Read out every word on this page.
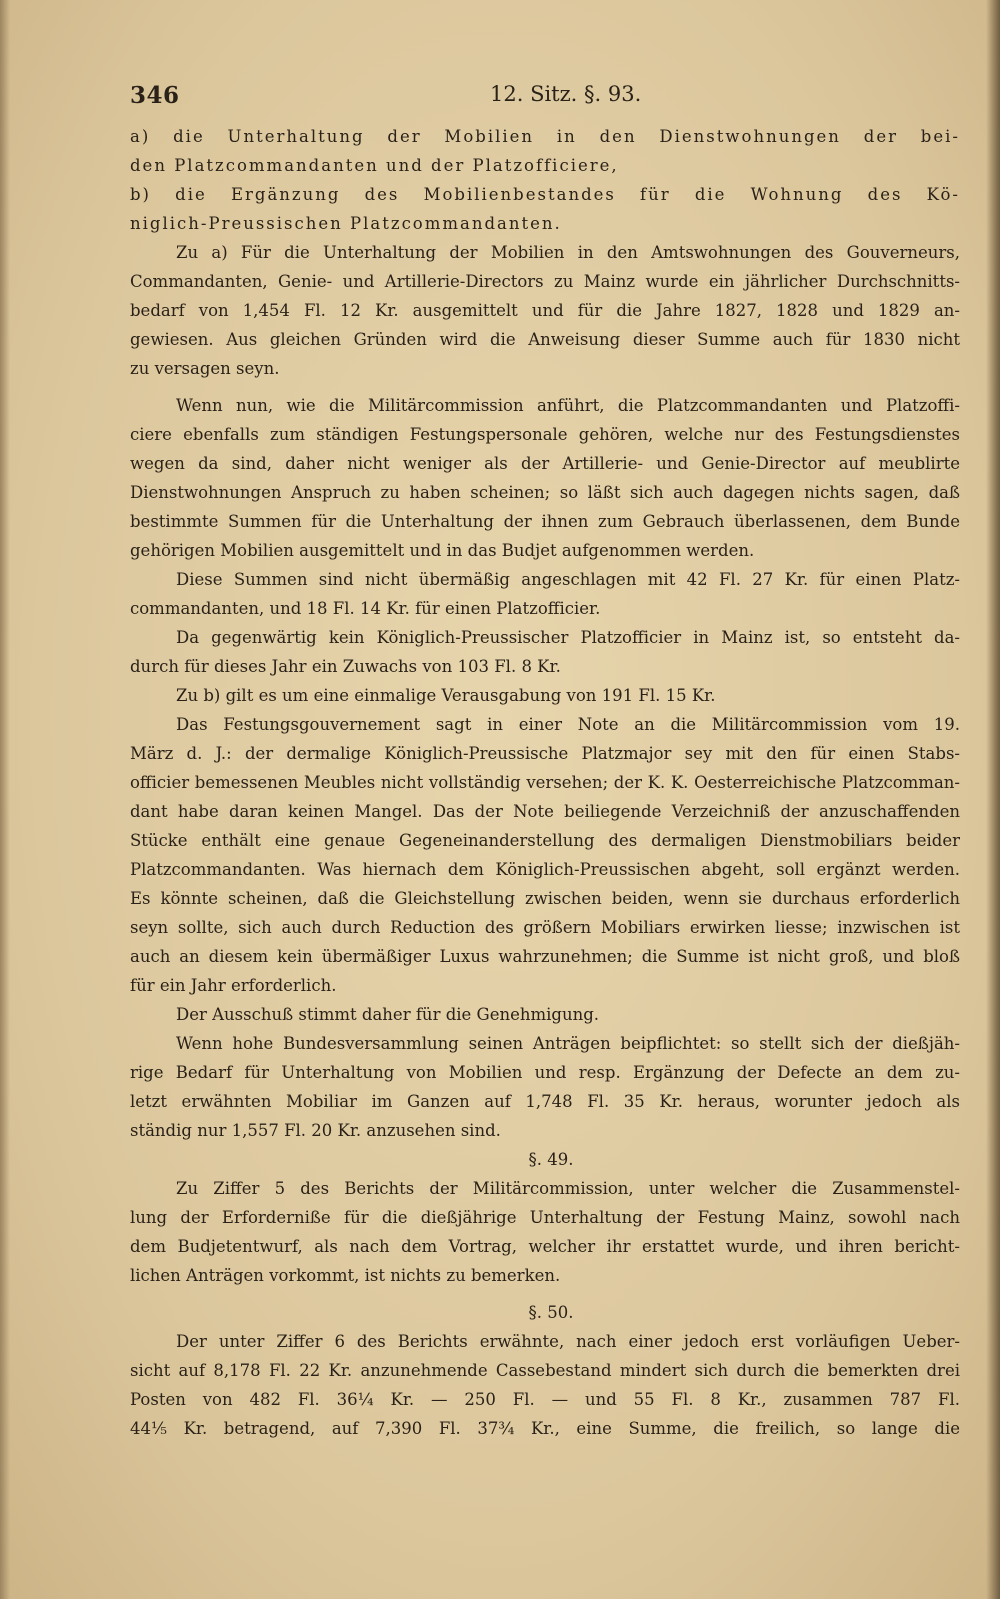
346	12. Sitz. §. 93.
a) die Unterhaltung der Mobilien in den Dienstwohnungen der bei-
den Platzcommandanten und der Platzofficiere,
b) die Ergänzung des Mobilienbestandes für die Wohnung des Kö-
niglich-Preussischen Platzcommandanten.
Zu a) Für die Unterhaltung der Mobilien in den Amtswohnungen des Gouverneurs,
Commandanten, Genie- und Artillerie-Directors zu Mainz wurde ein jährlicher Durchschnitts-
bedarf von 1,454 Fl. 12 Kr. ausgemittelt und für die Jahre 1827, 1828 und 1829 an-
gewiesen. Aus gleichen Gründen wird die Anweisung dieser Summe auch für 1830 nicht
zu versagen seyn.
Wenn nun, wie die Militärcommission anführt, die Platzcommandanten und Platzoffi-
ciere ebenfalls zum ständigen Festungspersonale gehören, welche nur des Festungsdienstes
wegen da sind, daher nicht weniger als der Artillerie- und Genie-Director auf meublirte
Dienstwohnungen Anspruch zu haben scheinen; so läßt sich auch dagegen nichts sagen, daß
bestimmte Summen für die Unterhaltung der ihnen zum Gebrauch überlassenen, dem Bunde
gehörigen Mobilien ausgemittelt und in das Budjet aufgenommen werden.
Diese Summen sind nicht übermäßig angeschlagen mit 42 Fl. 27 Kr. für einen Platz-
commandanten, und 18 Fl. 14 Kr. für einen Platzofficier.
Da gegenwärtig kein Königlich-Preussischer Platzofficier in Mainz ist, so entsteht da-
durch für dieses Jahr ein Zuwachs von 103 Fl. 8 Kr.
Zu b) gilt es um eine einmalige Verausgabung von 191 Fl. 15 Kr.
Das Festungsgouvernement sagt in einer Note an die Militärcommission vom 19.
März d. J.: der dermalige Königlich-Preussische Platzmajor sey mit den für einen Stabs-
officier bemessenen Meubles nicht vollständig versehen; der K. K. Oesterreichische Platzcomman-
dant habe daran keinen Mangel. Das der Note beiliegende Verzeichniß der anzuschaffenden
Stücke enthält eine genaue Gegeneinanderstellung des dermaligen Dienstmobiliars beider
Platzcommandanten. Was hiernach dem Königlich-Preussischen abgeht, soll ergänzt werden.
Es könnte scheinen, daß die Gleichstellung zwischen beiden, wenn sie durchaus erforderlich
seyn sollte, sich auch durch Reduction des größern Mobiliars erwirken liesse; inzwischen ist
auch an diesem kein übermäßiger Luxus wahrzunehmen; die Summe ist nicht groß, und bloß
für ein Jahr erforderlich.
Der Ausschuß stimmt daher für die Genehmigung.
Wenn hohe Bundesversammlung seinen Anträgen beipflichtet: so stellt sich der dießjäh-
rige Bedarf für Unterhaltung von Mobilien und resp. Ergänzung der Defecte an dem zu-
letzt erwähnten Mobiliar im Ganzen auf 1,748 Fl. 35 Kr. heraus, worunter jedoch als
ständig nur 1,557 Fl. 20 Kr. anzusehen sind.
§. 49.
Zu Ziffer 5 des Berichts der Militärcommission, unter welcher die Zusammenstel-
lung der Erforderniße für die dießjährige Unterhaltung der Festung Mainz, sowohl nach
dem Budjetentwurf, als nach dem Vortrag, welcher ihr erstattet wurde, und ihren bericht-
lichen Anträgen vorkommt, ist nichts zu bemerken.
§. 50.
Der unter Ziffer 6 des Berichts erwähnte, nach einer jedoch erst vorläufigen Ueber-
sicht auf 8,178 Fl. 22 Kr. anzunehmende Cassebestand mindert sich durch die bemerkten drei
Posten von 482 Fl. 36¼ Kr. — 250 Fl. — und 55 Fl. 8 Kr., zusammen 787 Fl.
44⅕ Kr. betragend, auf 7,390 Fl. 37¾ Kr., eine Summe, die freilich, so lange die
